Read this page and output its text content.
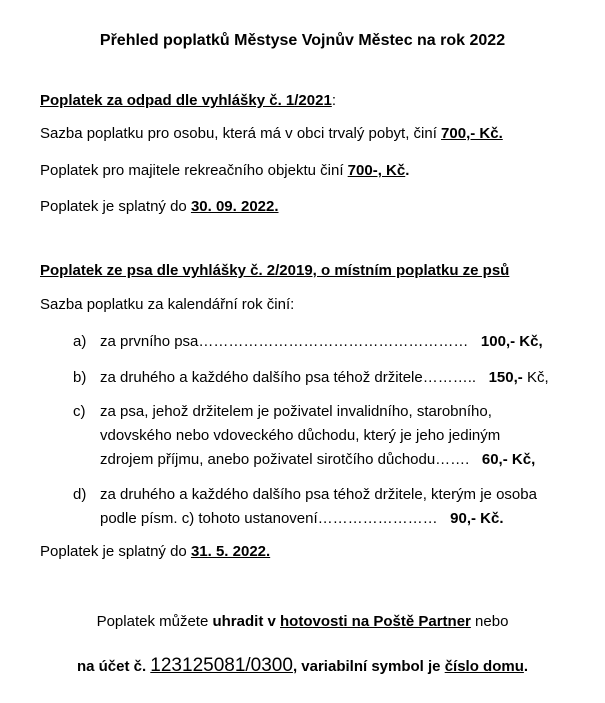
Přehled poplatků Městyse Vojnův Městec na rok 2022
Poplatek za odpad dle vyhlášky č. 1/2021:
Sazba poplatku pro osobu, která má v obci trvalý pobyt, činí 700,- Kč.
Poplatek pro majitele rekreačního objektu činí 700-, Kč.
Poplatek je splatný do 30. 09. 2022.
Poplatek ze psa dle vyhlášky č. 2/2019, o místním poplatku ze psů
Sazba poplatku za kalendářní rok činí:
a) za prvního psa……………………………………………… 100,- Kč,
b) za druhého a každého dalšího psa téhož držitele……….. 150,- Kč,
c) za psa, jehož držitelem je poživatel invalidního, starobního,
vdovského nebo vdoveckého důchodu, který je jeho jediným
zdrojem příjmu, anebo poživatel sirotčího důchodu……. 60,- Kč,
d) za druhého a každého dalšího psa téhož držitele, kterým je osoba
podle písm. c) tohoto ustanovení…………………… 90,- Kč.
Poplatek je splatný do 31. 5. 2022.
Poplatek můžete uhradit v hotovosti na Poště Partner nebo
na účet č. 123125081/0300, variabilní symbol je číslo domu.
